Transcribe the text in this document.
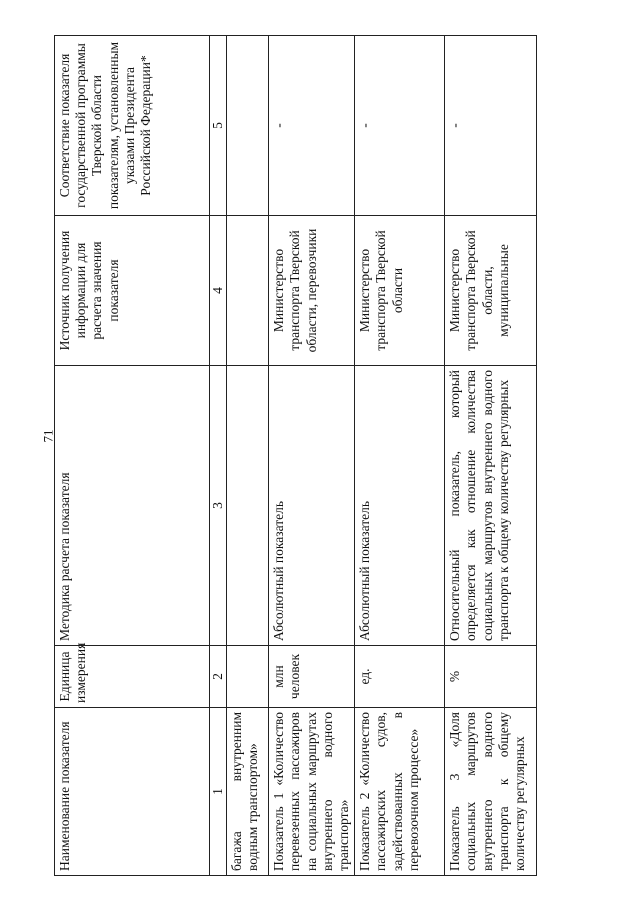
71
Наименование показателя	Единица измерения	Методика расчета показателя	Источник получения информации для расчета значения показателя	Соответствие показателя государственной программы Тверской области показателям, установленным указами Президента Российской Федерации*
1	2	3	4	5
багажа внутренним водным транспортом»				
Показатель 1 «Количество перевезенных пассажиров на социальных маршрутах внутреннего водного транспорта»	млн человек	Абсолютный показатель	Министерство транспорта Тверской области, перевозчики	-
Показатель 2 «Количество пассажирских судов, задействованных в перевозочном процессе»	ед.	Абсолютный показатель	Министерство транспорта Тверской области	-
Показатель 3 «Доля социальных маршрутов внутреннего водного транспорта к общему количеству регулярных	%	Относительный показатель, который определяется как отношение количества социальных маршрутов внутреннего водного транспорта к общему количеству регулярных	Министерство транспорта Тверской области, муниципальные	-
